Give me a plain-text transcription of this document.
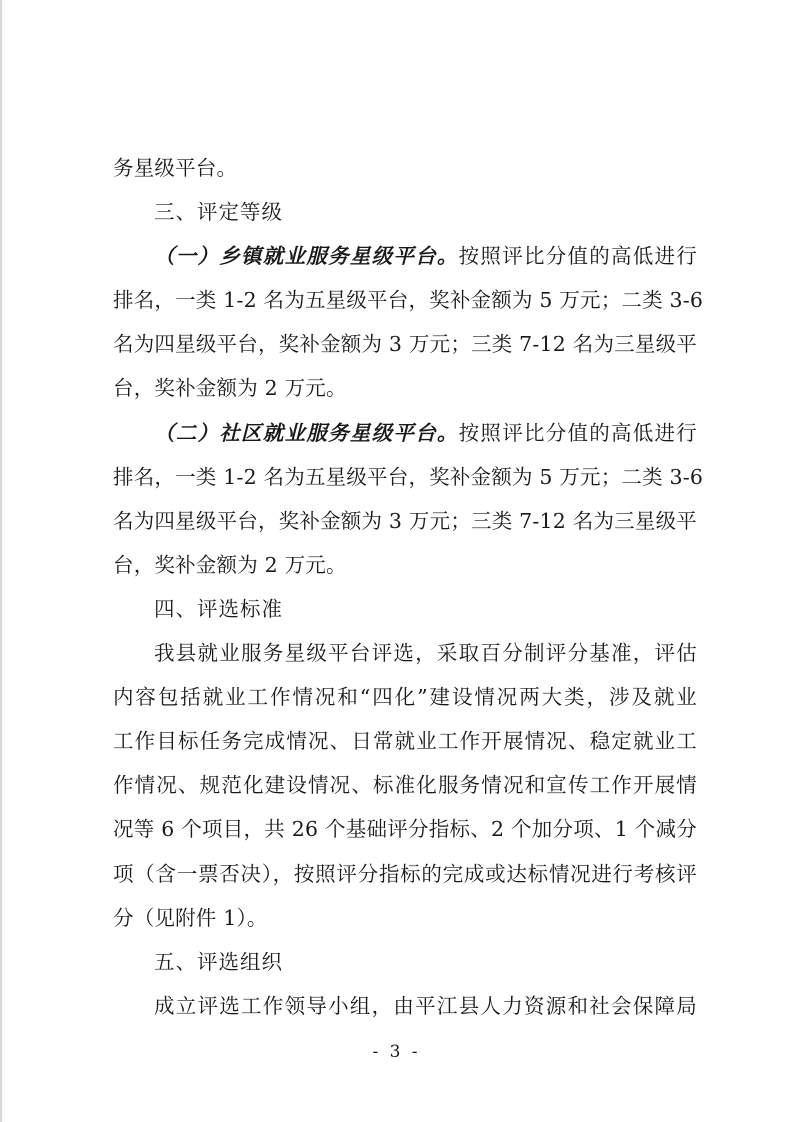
务星级平台。
三、评定等级
（一）乡镇就业服务星级平台。按照评比分值的高低进行
排名，一类 1-2 名为五星级平台，奖补金额为 5 万元；二类 3-6
名为四星级平台，奖补金额为 3 万元；三类 7-12 名为三星级平
台，奖补金额为 2 万元。
（二）社区就业服务星级平台。按照评比分值的高低进行
排名，一类 1-2 名为五星级平台，奖补金额为 5 万元；二类 3-6
名为四星级平台，奖补金额为 3 万元；三类 7-12 名为三星级平
台，奖补金额为 2 万元。
四、评选标准
我县就业服务星级平台评选，采取百分制评分基准，评估
内容包括就业工作情况和“四化”建设情况两大类，涉及就业
工作目标任务完成情况、日常就业工作开展情况、稳定就业工
作情况、规范化建设情况、标准化服务情况和宣传工作开展情
况等 6 个项目，共 26 个基础评分指标、2 个加分项、1 个减分
项（含一票否决），按照评分指标的完成或达标情况进行考核评
分（见附件 1）。
五、评选组织
成立评选工作领导小组，由平江县人力资源和社会保障局
- 3 -
